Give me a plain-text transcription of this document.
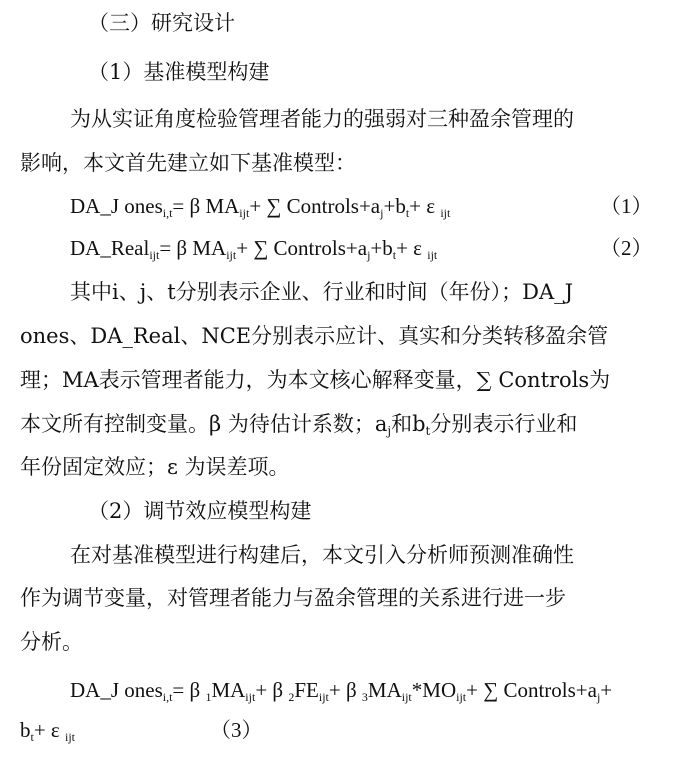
（三）研究设计
（1）基准模型构建
为从实证角度检验管理者能力的强弱对三种盈余管理的
影响，本文首先建立如下基准模型：
DA_J ones$_{i,t}$= β $MA_{ijt}+$ ∑ $Controls+a_j+b_t+ \varepsilon$ $_{ijt}$	（1）
DA_Real$_{ijt}$= β $MA_{ijt}+$ ∑ $Controls+a_j+b_t+ \varepsilon$ $_{ijt}$	（2）
其中i、j、t分别表示企业、行业和时间（年份）；DA_J
ones、DA_Real、NCE分别表示应计、真实和分类转移盈余管
理；MA表示管理者能力，为本文核心解释变量，∑ Controls为
本文所有控制变量。β 为待估计系数；$a_j$和$b_t$分别表示行业和
年份固定效应；ε 为误差项。
（2）调节效应模型构建
在对基准模型进行构建后，本文引入分析师预测准确性
作为调节变量，对管理者能力与盈余管理的关系进行进一步
分析。
DA_J ones$_{i,t}$= β $_1MA_{ijt}+ \beta$ $_2FE_{ijt}+ \beta$ $_3MA_{ijt}*MO_{ijt}+$ ∑ $Controls+a_j+$
$b_t+ \varepsilon$ $_{ijt}$	（3）
